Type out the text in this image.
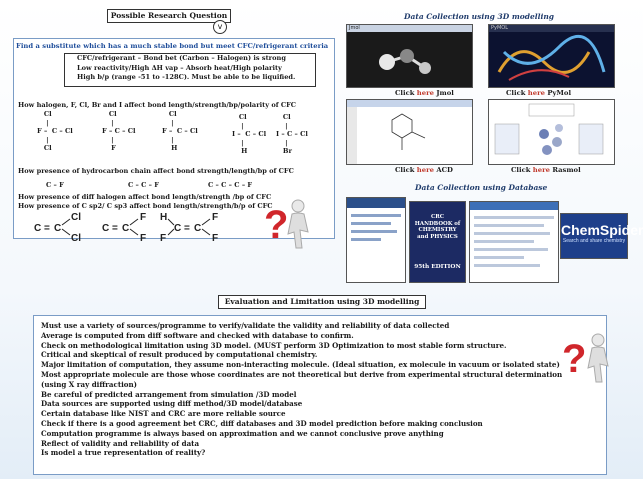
Possible Research Question
v
Data Collection using 3D modelling
Find a substitute which has a much stable bond but meet CFC/refrigerant criteria
CFC/refrigerant – Bond bet (Carbon – Halogen) is strong
Low reactivity/High ΔH vap – Absorb heat/High polarity
High b/p (range -51 to -128C). Must be able to be liquified.
How halogen, F, Cl, Br and I affect bond length/strength/bp/polarity of CFC
Cl
|
F –  C – Cl
|
Cl
Cl
|
F – C – Cl
|
F
Cl
|
F –  C – Cl
|
H
Cl
|
I –  C – Cl
|
H
Cl
|
I – C – Cl
|
Br
How presence of hydrocarbon chain affect bond strength/length/bp of CFC
C – F	C – C – F	C – C – C – F
How presence of diff halogen affect bond length/strength /bp of CFC
How presence of C sp2/ C sp3 affect bond length/strength/b/p of CFC
C = C
Cl
Cl
C = C
F
F
H
F
C = C
F
F ?
Jmol	PyMOL
Click here Jmol	Click here PyMol
Click here ACD	Click here Rasmol
Data Collection using Database
CRC HANDBOOK of CHEMISTRY and PHYSICS
95th EDITION
ChemSpider
Search and share chemistry
Evaluation and Limitation using 3D modelling
Must use a variety of sources/programme to verify/validate the validity and reliability of data collected
Average is computed from diff software and checked with database to confirm.
Check on methodological limitation using 3D model. (MUST perform 3D Optimization to most stable form structure.
Critical and skeptical of result produced by computational chemistry.
Major limitation of computation, they assume non-interacting molecule. (Ideal situation, ex molecule in vacuum or isolated state)
Most appropriate molecule are those whose coordinates are not theoretical but derive from experimental structural determination
(using X ray diffraction)
Be careful of predicted arrangement from simulation /3D model
Data sources are supported using diff method/3D model/database
Certain database like NIST and CRC are more reliable source
Check if there is a good agreement bet CRC, diff databases and 3D model prediction before making conclusion
Computation programme is always based on approximation and we cannot conclusive prove anything
Reflect of validity and reliability of data
Is model a true representation of reality?
?
